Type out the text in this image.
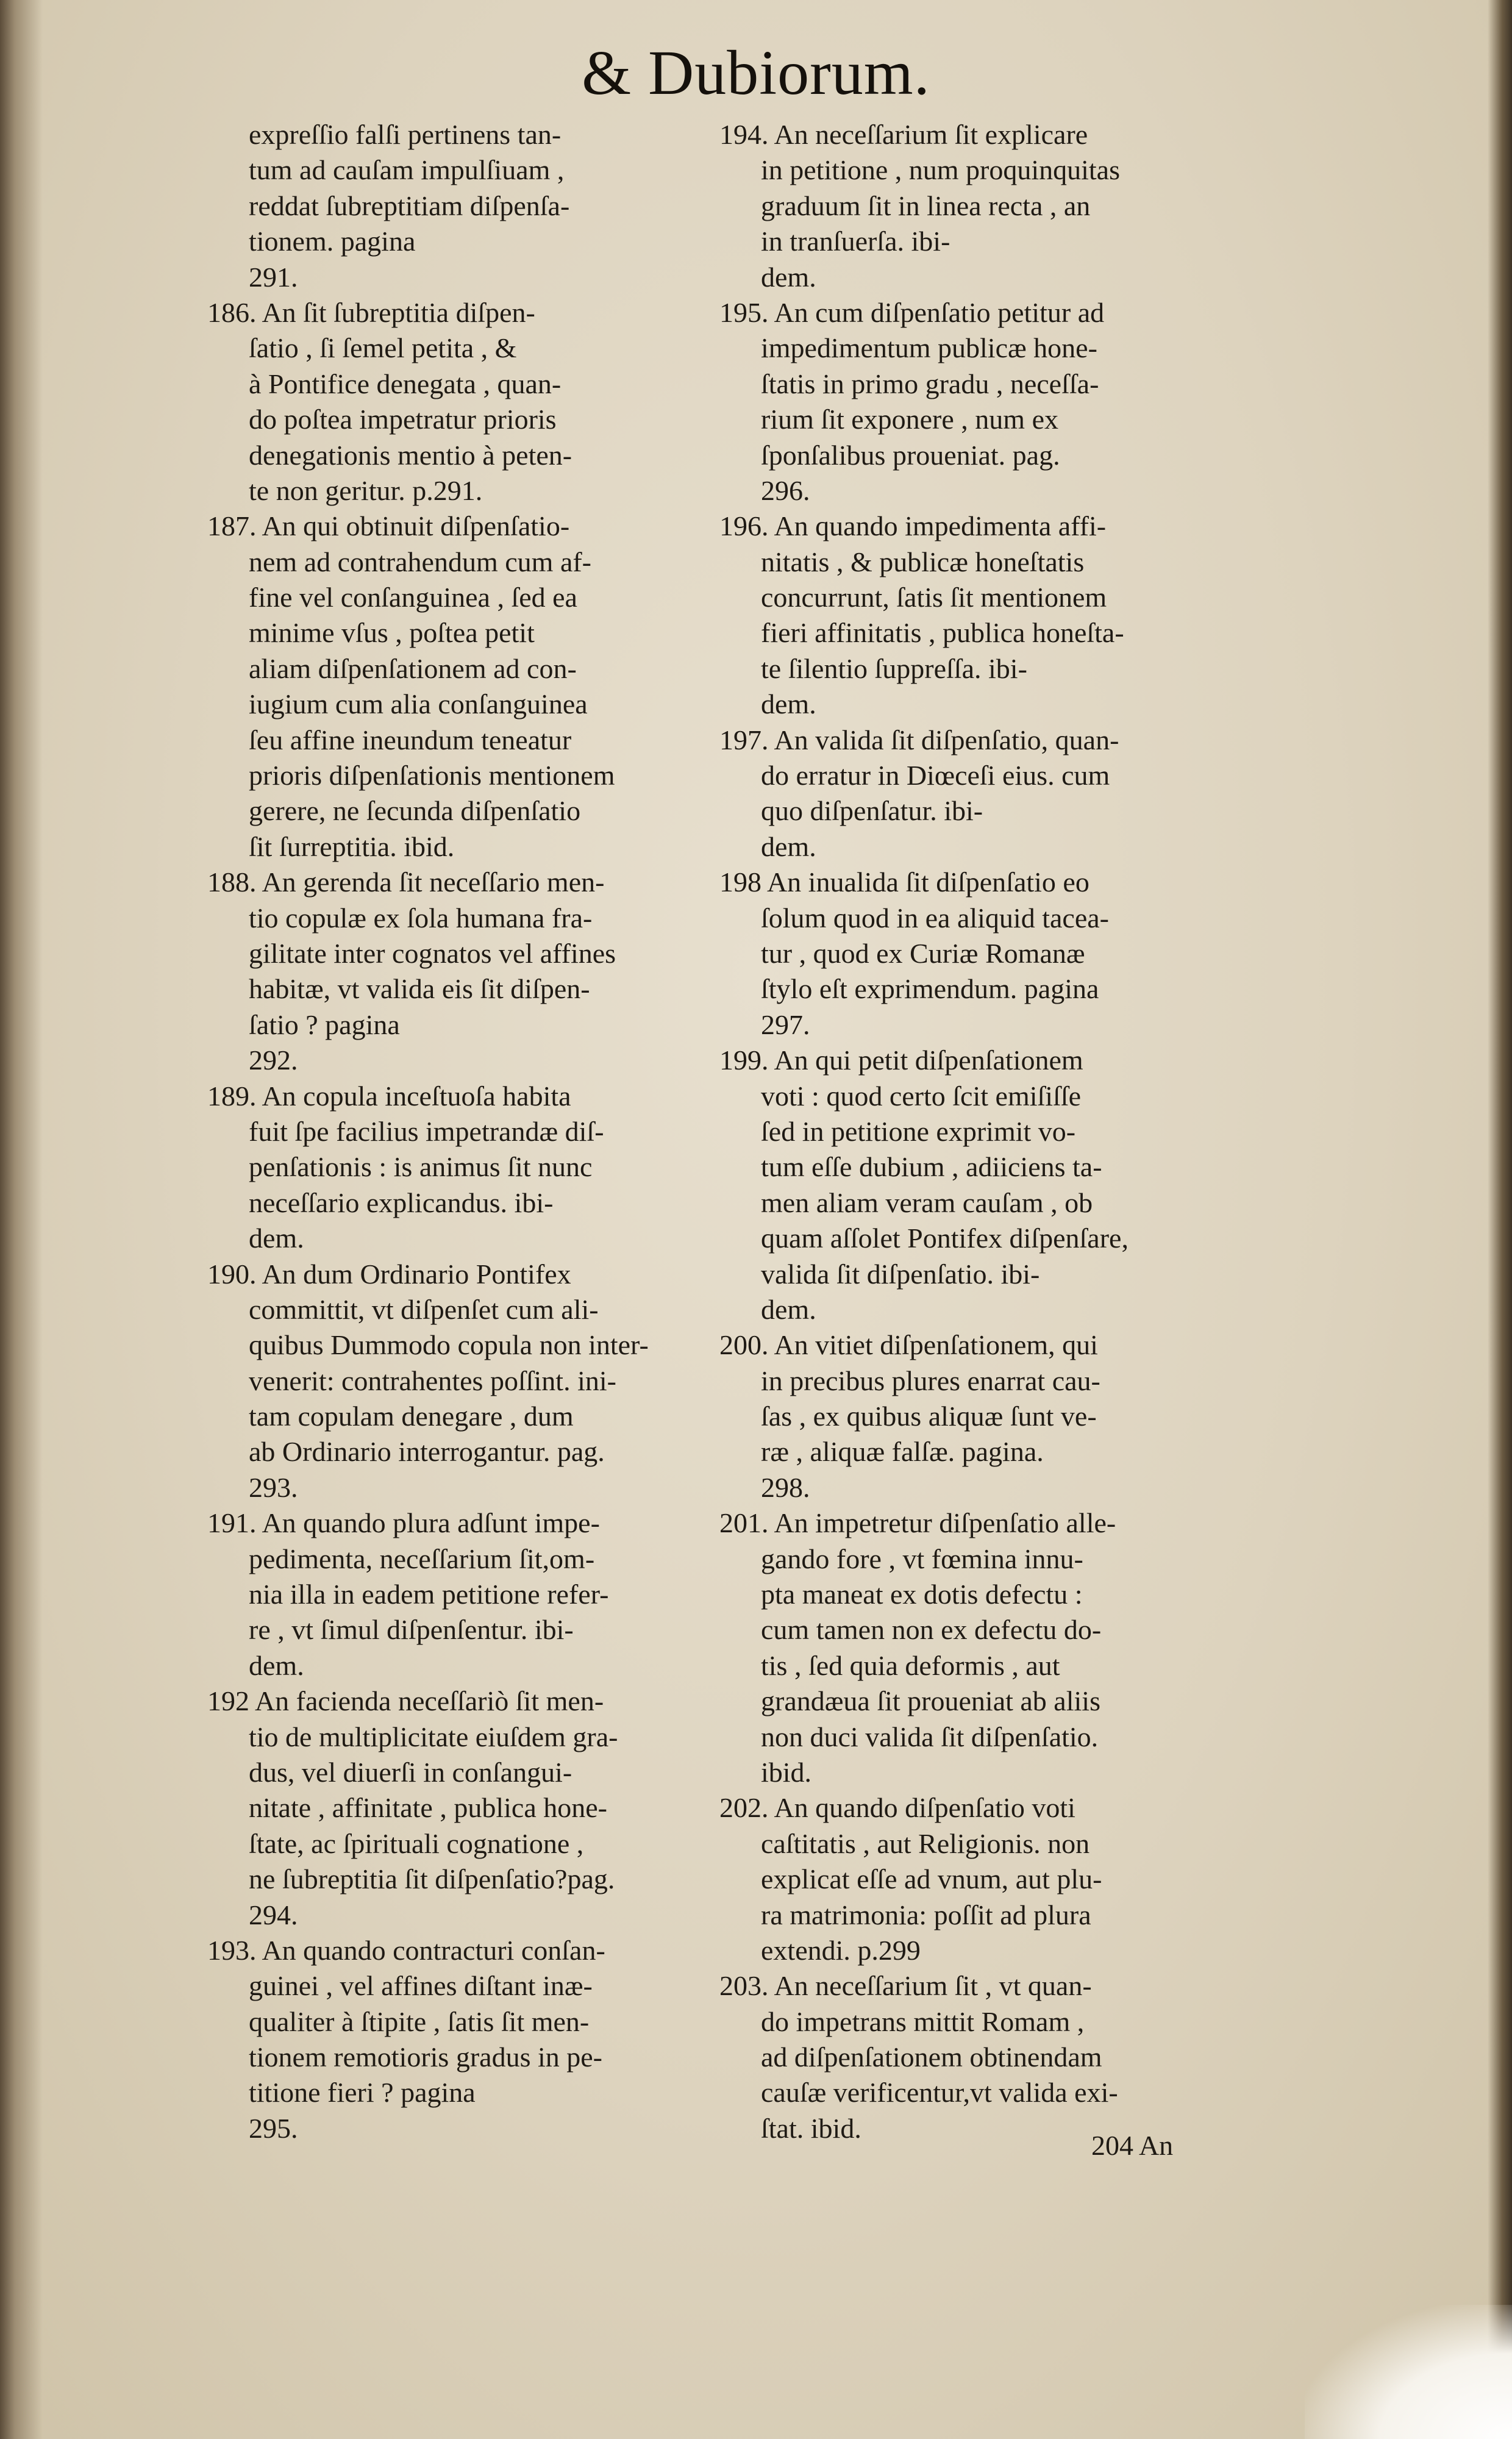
& Dubiorum.
expreſſio falſi pertinens tan-
tum ad cauſam impulſiuam ,
reddat ſubreptitiam diſpenſa-
tionem. pagina
291.
186. An ſit ſubreptitia diſpen-
ſatio , ſi ſemel petita , &
à Pontifice denegata , quan-
do poſtea impetratur prioris
denegationis mentio à peten-
te non geritur. p.291.
187. An qui obtinuit diſpenſatio-
nem ad contrahendum cum af-
fine vel conſanguinea , ſed ea
minime vſus , poſtea petit
aliam diſpenſationem ad con-
iugium cum alia conſanguinea
ſeu affine ineundum teneatur
prioris diſpenſationis mentionem
gerere, ne ſecunda diſpenſatio
ſit ſurreptitia. ibid.
188. An gerenda ſit neceſſario men-
tio copulæ ex ſola humana fra-
gilitate inter cognatos vel affines
habitæ, vt valida eis ſit diſpen-
ſatio ? pagina
292.
189. An copula inceſtuoſa habita
fuit ſpe facilius impetrandæ diſ-
penſationis : is animus ſit nunc
neceſſario explicandus. ibi-
dem.
190. An dum Ordinario Pontifex
committit, vt diſpenſet cum ali-
quibus Dummodo copula non inter-
venerit: contrahentes poſſint. ini-
tam copulam denegare , dum
ab Ordinario interrogantur. pag.
293.
191. An quando plura adſunt impe-
pedimenta, neceſſarium ſit,om-
nia illa in eadem petitione refer-
re , vt ſimul diſpenſentur. ibi-
dem.
192 An facienda neceſſariò ſit men-
tio de multiplicitate eiuſdem gra-
dus, vel diuerſi in conſangui-
nitate , affinitate , publica hone-
ſtate, ac ſpirituali cognatione ,
ne ſubreptitia ſit diſpenſatio?pag.
294.
193. An quando contracturi conſan-
guinei , vel affines diſtant inæ-
qualiter à ſtipite , ſatis ſit men-
tionem remotioris gradus in pe-
titione fieri ? pagina
295.
194. An neceſſarium ſit explicare
in petitione , num proquinquitas
graduum ſit in linea recta , an
in tranſuerſa. ibi-
dem.
195. An cum diſpenſatio petitur ad
impedimentum publicæ hone-
ſtatis in primo gradu , neceſſa-
rium ſit exponere , num ex
ſponſalibus proueniat. pag.
296.
196. An quando impedimenta affi-
nitatis , & publicæ honeſtatis
concurrunt, ſatis ſit mentionem
fieri affinitatis , publica honeſta-
te ſilentio ſuppreſſa. ibi-
dem.
197. An valida ſit diſpenſatio, quan-
do erratur in Diœceſi eius. cum
quo diſpenſatur. ibi-
dem.
198 An inualida ſit diſpenſatio eo
ſolum quod in ea aliquid tacea-
tur , quod ex Curiæ Romanæ
ſtylo eſt exprimendum. pagina
297.
199. An qui petit diſpenſationem
voti : quod certo ſcit emiſiſſe
ſed in petitione exprimit vo-
tum eſſe dubium , adiiciens ta-
men aliam veram cauſam , ob
quam aſſolet Pontifex diſpenſare,
valida ſit diſpenſatio. ibi-
dem.
200. An vitiet diſpenſationem, qui
in precibus plures enarrat cau-
ſas , ex quibus aliquæ ſunt ve-
ræ , aliquæ falſæ. pagina.
298.
201. An impetretur diſpenſatio alle-
gando fore , vt fœmina innu-
pta maneat ex dotis defectu :
cum tamen non ex defectu do-
tis , ſed quia deformis , aut
grandæua ſit proueniat ab aliis
non duci valida ſit diſpenſatio.
ibid.
202. An quando diſpenſatio voti
caſtitatis , aut Religionis. non
explicat eſſe ad vnum, aut plu-
ra matrimonia: poſſit ad plura
extendi. p.299
203. An neceſſarium ſit , vt quan-
do impetrans mittit Romam ,
ad diſpenſationem obtinendam
cauſæ verificentur,vt valida exi-
ſtat. ibid.
204 An
